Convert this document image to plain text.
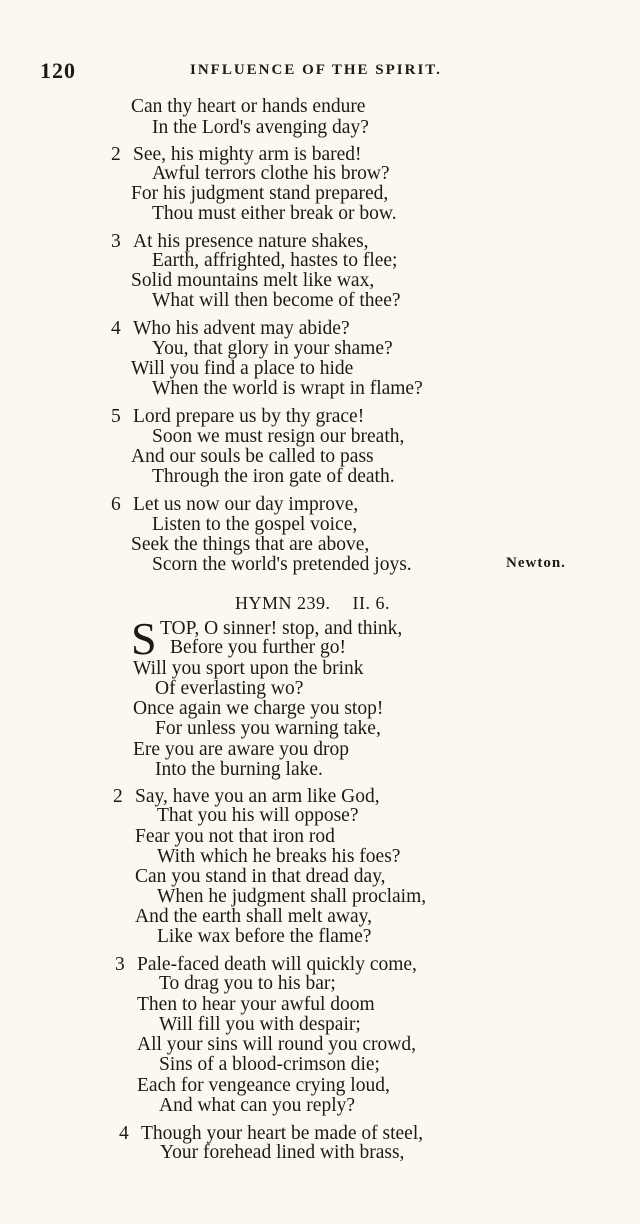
120	INFLUENCE OF THE SPIRIT.
Can thy heart or hands endure
In the Lord's avenging day?
2 See, his mighty arm is bared!
Awful terrors clothe his brow?
For his judgment stand prepared,
Thou must either break or bow.
3 At his presence nature shakes,
Earth, affrighted, hastes to flee;
Solid mountains melt like wax,
What will then become of thee?
4 Who his advent may abide?
You, that glory in your shame?
Will you find a place to hide
When the world is wrapt in flame?
5 Lord prepare us by thy grace!
Soon we must resign our breath,
And our souls be called to pass
Through the iron gate of death.
6 Let us now our day improve,
Listen to the gospel voice,
Seek the things that are above,
Scorn the world's pretended joys.	Newton.
HYMN 239. II. 6.
S TOP, O sinner! stop, and think,
Before you further go!
Will you sport upon the brink
Of everlasting wo?
Once again we charge you stop!
For unless you warning take,
Ere you are aware you drop
Into the burning lake.
2 Say, have you an arm like God,
That you his will oppose?
Fear you not that iron rod
With which he breaks his foes?
Can you stand in that dread day,
When he judgment shall proclaim,
And the earth shall melt away,
Like wax before the flame?
3 Pale-faced death will quickly come,
To drag you to his bar;
Then to hear your awful doom
Will fill you with despair;
All your sins will round you crowd,
Sins of a blood-crimson die;
Each for vengeance crying loud,
And what can you reply?
4 Though your heart be made of steel,
Your forehead lined with brass,
